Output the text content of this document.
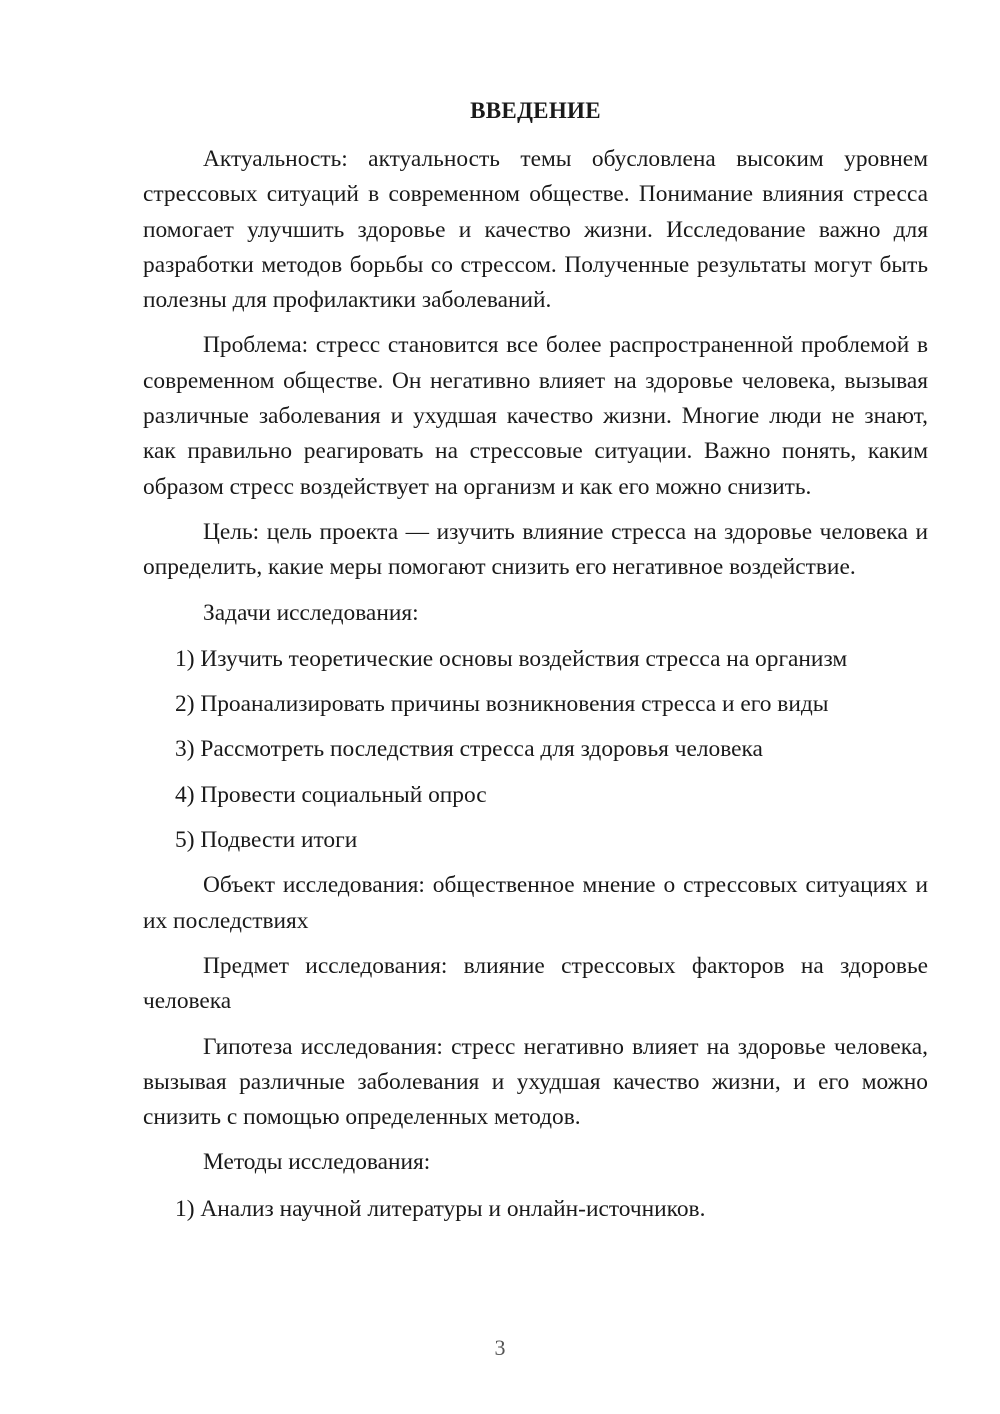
ВВЕДЕНИЕ

Актуальность: актуальность темы обусловлена высоким уровнем стрессовых ситуаций в современном обществе. Понимание влияния стресса помогает улучшить здоровье и качество жизни. Исследование важно для разработки методов борьбы со стрессом. Полученные результаты могут быть полезны для профилактики заболеваний.

Проблема: стресс становится все более распространенной проблемой в современном обществе. Он негативно влияет на здоровье человека, вызывая различные заболевания и ухудшая качество жизни. Многие люди не знают, как правильно реагировать на стрессовые ситуации. Важно понять, каким образом стресс воздействует на организм и как его можно снизить.

Цель: цель проекта — изучить влияние стресса на здоровье человека и определить, какие меры помогают снизить его негативное воздействие.

Задачи исследования:

1) Изучить теоретические основы воздействия стресса на организм

2) Проанализировать причины возникновения стресса и его виды

3) Рассмотреть последствия стресса для здоровья человека

4) Провести социальный опрос

5) Подвести итоги

Объект исследования: общественное мнение о стрессовых ситуациях и их последствиях

Предмет исследования: влияние стрессовых факторов на здоровье человека

Гипотеза исследования: стресс негативно влияет на здоровье человека, вызывая различные заболевания и ухудшая качество жизни, и его можно снизить с помощью определенных методов.

Методы исследования:

1) Анализ научной литературы и онлайн-источников.

3
